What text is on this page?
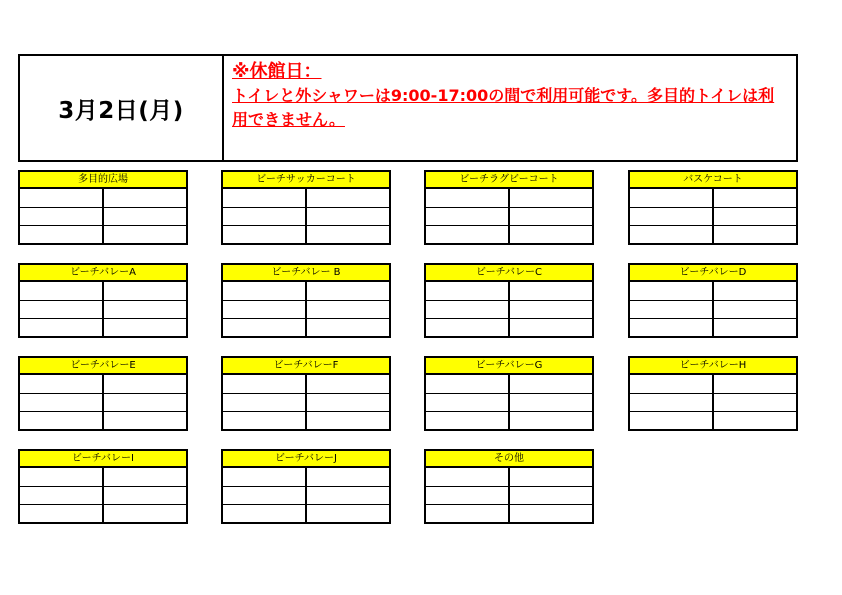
3月2日(月)
※休館日：
トイレと外シャワーは9:00-17:00の間で利用可能です。多目的トイレは利用できません。
多目的広場	ビーチサッカーコート	ビーチラグビーコート	バスケコート
ビーチバレーA	ビーチバレー B	ビーチバレーC	ビーチバレーD
ビーチバレーE	ビーチバレーF	ビーチバレーG	ビーチバレーH
ビーチバレーI	ビーチバレーJ	その他
